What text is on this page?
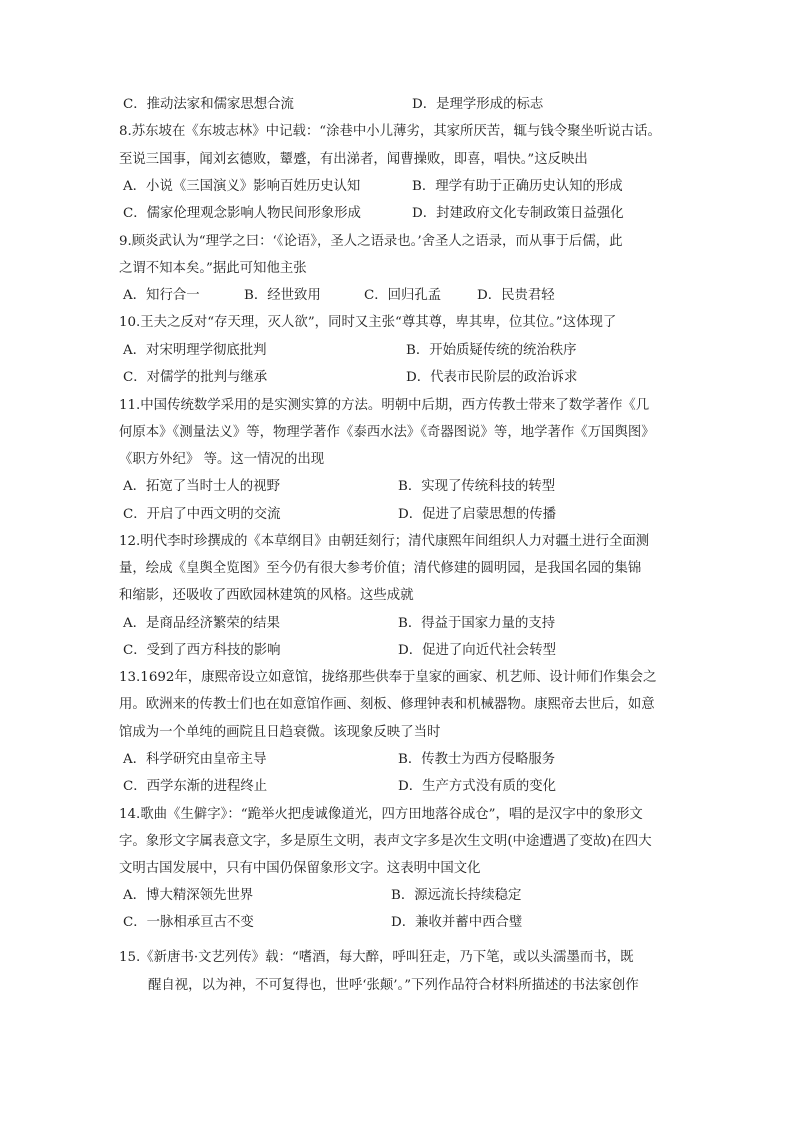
C．推动法家和儒家思想合流	D．是理学形成的标志
8.苏东坡在《东坡志林》中记载：“涂巷中小儿薄劣，其家所厌苦，辄与钱令聚坐听说古话。
至说三国事，闻刘玄德败，颦蹙，有出涕者，闻曹操败，即喜，唱快。”这反映出
A．小说《三国演义》影响百姓历史认知	B．理学有助于正确历史认知的形成
C．儒家伦理观念影响人物民间形象形成	D．封建政府文化专制政策日益强化
9.顾炎武认为“理学之曰：‘《论语》，圣人之语录也。’舍圣人之语录，而从事于后儒，此
之谓不知本矣。”据此可知他主张
A．知行合一	B．经世致用	C．回归孔孟	D．民贵君轻
10.王夫之反对“存天理，灭人欲”，同时又主张“尊其尊，卑其卑，位其位。”这体现了
A．对宋明理学彻底批判	B．开始质疑传统的统治秩序
C．对儒学的批判与继承	D．代表市民阶层的政治诉求
11.中国传统数学采用的是实测实算的方法。明朝中后期，西方传教士带来了数学著作《几
何原本》《测量法义》等，物理学著作《泰西水法》《奇器图说》等，地学著作《万国舆图》
《职方外纪》 等。这一情况的出现
A．拓宽了当时士人的视野	B．实现了传统科技的转型
C．开启了中西文明的交流	D．促进了启蒙思想的传播
12.明代李时珍撰成的《本草纲目》由朝廷刻行；清代康熙年间组织人力对疆土进行全面测
量，绘成《皇舆全览图》至今仍有很大参考价值；清代修建的圆明园，是我国名园的集锦
和缩影，还吸收了西欧园林建筑的风格。这些成就
A．是商品经济繁荣的结果	B．得益于国家力量的支持
C．受到了西方科技的影响	D．促进了向近代社会转型
13.1692年，康熙帝设立如意馆，拢络那些供奉于皇家的画家、机艺师、设计师们作集会之
用。欧洲来的传教士们也在如意馆作画、刻板、修理钟表和机械器物。康熙帝去世后，如意
馆成为一个单纯的画院且日趋衰微。该现象反映了当时
A．科学研究由皇帝主导	B．传教士为西方侵略服务
C．西学东渐的进程终止	D．生产方式没有质的变化
14.歌曲《生僻字》：“跪举火把虔诚像道光，四方田地落谷成仓”，唱的是汉字中的象形文
字。象形文字属表意文字，多是原生文明，表声文字多是次生文明(中途遭遇了变故)在四大
文明古国发展中，只有中国仍保留象形文字。这表明中国文化
A．博大精深领先世界	B．源远流长持续稳定
C．一脉相承亘古不变	D．兼收并蓄中西合璧
15.《新唐书·文艺列传》载：“嗜酒，每大醉，呼叫狂走，乃下笔，或以头濡墨而书，既
醒自视，以为神，不可复得也，世呼‘张颠’。”下列作品符合材料所描述的书法家创作
